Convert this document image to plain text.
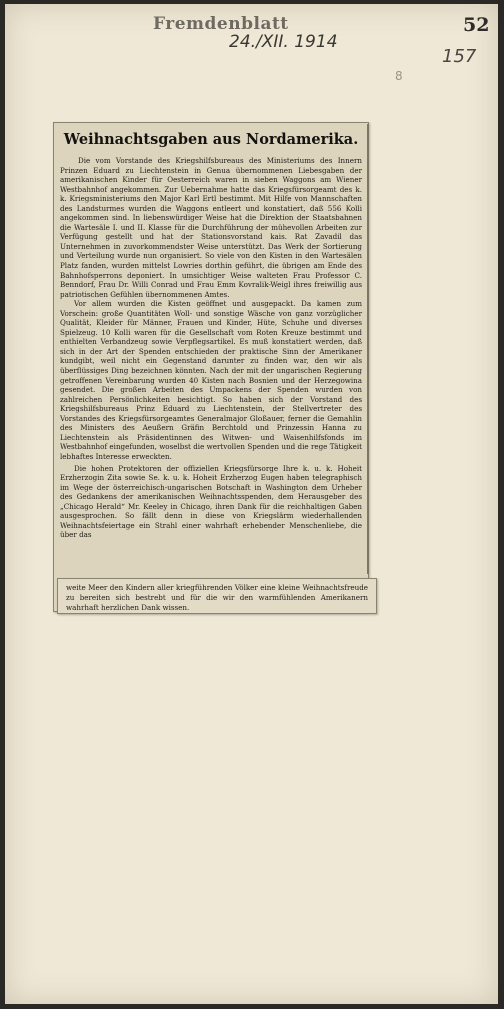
Fremdenblatt	52
24./XII. 1914
157
8
Weihnachtsgaben aus Nordamerika.

Die vom Vorstande des Kriegshilfsbureaus des Ministeriums des Innern Prinzen Eduard zu Liechtenstein in Genua übernommenen Liebesgaben der amerikanischen Kinder für Oesterreich waren in sieben Waggons am Wiener Westbahnhof angekommen. Zur Uebernahme hatte das Kriegsfürsorgeamt des k. k. Kriegsministeriums den Major Karl Ertl bestimmt. Mit Hilfe von Mannschaften des Landsturmes wurden die Waggons entleert und konstatiert, daß 556 Kolli angekommen sind. In liebenswürdiger Weise hat die Direktion der Staatsbahnen die Wartesäle I. und II. Klasse für die Durchführung der mühevollen Arbeiten zur Verfügung gestellt und hat der Stationsvorstand kais. Rat Zavadil das Unternehmen in zuvorkommendster Weise unterstützt. Das Werk der Sortierung und Verteilung wurde nun organisiert. So viele von den Kisten in den Wartesälen Platz fanden, wurden mittelst Lowries dorthin geführt, die übrigen am Ende des Bahnhofsperrons deponiert. In umsichtiger Weise walteten Frau Professor C. Benndorf, Frau Dr. Willi Conrad und Frau Emm Kovralik-Weigl ihres freiwillig aus patriotischen Gefühlen übernommenen Amtes.

Vor allem wurden die Kisten geöffnet und ausgepackt. Da kamen zum Vorschein: große Quantitäten Woll- und sonstige Wäsche von ganz vorzüglicher Qualität, Kleider für Männer, Frauen und Kinder, Hüte, Schuhe und diverses Spielzeug. 10 Kolli waren für die Gesellschaft vom Roten Kreuze bestimmt und enthielten Verbandzeug sowie Verpflegsartikel. Es muß konstatiert werden, daß sich in der Art der Spenden entschieden der praktische Sinn der Amerikaner kundgibt, weil nicht ein Gegenstand darunter zu finden war, den wir als überflüssiges Ding bezeichnen könnten. Nach der mit der ungarischen Regierung getroffenen Vereinbarung wurden 40 Kisten nach Bosnien und der Herzegowina gesendet. Die großen Arbeiten des Umpackens der Spenden wurden von zahlreichen Persönlichkeiten besichtigt. So haben sich der Vorstand des Kriegshilfsbureaus Prinz Eduard zu Liechtenstein, der Stellvertreter des Vorstandes des Kriegsfürsorgeamtes Generalmajor Gloßauer, ferner die Gemahlin des Ministers des Aeußern Gräfin Berchtold und Prinzessin Hanna zu Liechtenstein als Präsidentinnen des Witwen- und Waisenhilfsfonds im Westbahnhof eingefunden, woselbst die wertvollen Spenden und die rege Tätigkeit lebhaftes Interesse erweckten.

Die hohen Protektoren der offiziellen Kriegsfürsorge Ihre k. u. k. Hoheit Erzherzogin Zita sowie Se. k. u. k. Hoheit Erzherzog Eugen haben telegraphisch im Wege der österreichisch-ungarischen Botschaft in Washington dem Urheber des Gedankens der amerikanischen Weihnachtsspenden, dem Herausgeber des „Chicago Herald“ Mr. Keeley in Chicago, ihren Dank für die reichhaltigen Gaben ausgesprochen. So fällt denn in diese von Kriegslärm wiederhallenden Weihnachtsfeiertage ein Strahl einer wahrhaft erhebender Menschenliebe, die über das

weite Meer den Kindern aller kriegführenden Völker eine kleine Weihnachtsfreude zu bereiten sich bestrebt und für die wir den warmfühlenden Amerikanern wahrhaft herzlichen Dank wissen.
